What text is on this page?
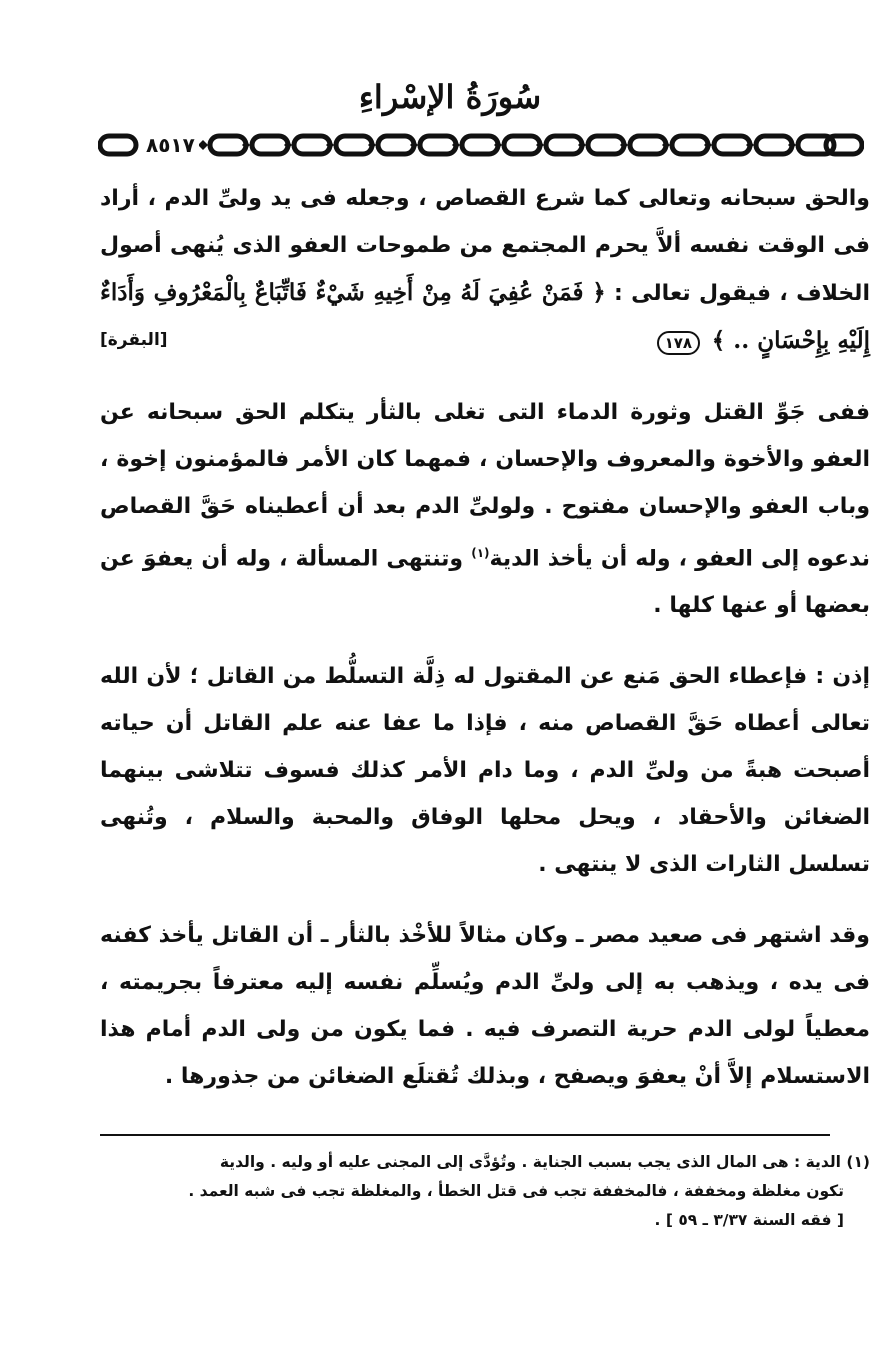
سُورَةُ الإسْراءِ
٨٥١٧

والحق سبحانه وتعالى كما شرع القصاص ، وجعله فى يد ولىِّ الدم ، أراد فى الوقت نفسه ألاَّ يحرم المجتمع من طموحات العفو الذى يُنهى أصول الخلاف ، فيقول تعالى : ﴿ فَمَنْ عُفِيَ لَهُ مِنْ أَخِيهِ شَيْءٌ فَاتِّبَاعٌ بِالْمَعْرُوفِ وَأَدَاءٌ إِلَيْهِ بِإِحْسَانٍ .. ﴾ ١٧٨
[البقرة]

ففى جَوِّ القتل وثورة الدماء التى تغلى بالثأر يتكلم الحق سبحانه عن العفو والأخوة والمعروف والإحسان ، فمهما كان الأمر فالمؤمنون إخوة ، وباب العفو والإحسان مفتوح . ولولىِّ الدم بعد أن أعطيناه حَقَّ القصاص ندعوه إلى العفو ، وله أن يأخذ الدية$^{(١)}$ وتنتهى المسألة ، وله أن يعفوَ عن بعضها أو عنها كلها .

إذن : فإعطاء الحق مَنع عن المقتول له ذِلَّة التسلُّط من القاتل ؛ لأن الله تعالى أعطاه حَقَّ القصاص منه ، فإذا ما عفا عنه علم القاتل أن حياته أصبحت هبةً من ولىِّ الدم ، وما دام الأمر كذلك فسوف تتلاشى بينهما الضغائن والأحقاد ، ويحل محلها الوفاق والمحبة والسلام ، وتُنهى تسلسل الثارات الذى لا ينتهى .

وقد اشتهر فى صعيد مصر ـ وكان مثالاً للأخْذ بالثأر ـ أن القاتل يأخذ كفنه فى يده ، ويذهب به إلى ولىِّ الدم ويُسلِّم نفسه إليه معترفاً بجريمته ، معطياً لولى الدم حرية التصرف فيه . فما يكون من ولى الدم أمام هذا الاستسلام إلاَّ أنْ يعفوَ ويصفح ، وبذلك تُقتلَع الضغائن من جذورها .

(١) الدية : هى المال الذى يجب بسبب الجناية . وتُؤدَّى إلى المجنى عليه أو وليه . والدية
تكون مغلظة ومخففة ، فالمخففة تجب فى قتل الخطأ ، والمغلظة تجب فى شبه العمد .
[ فقه السنة ٣/٣٧ ـ ٥٩ ] .
